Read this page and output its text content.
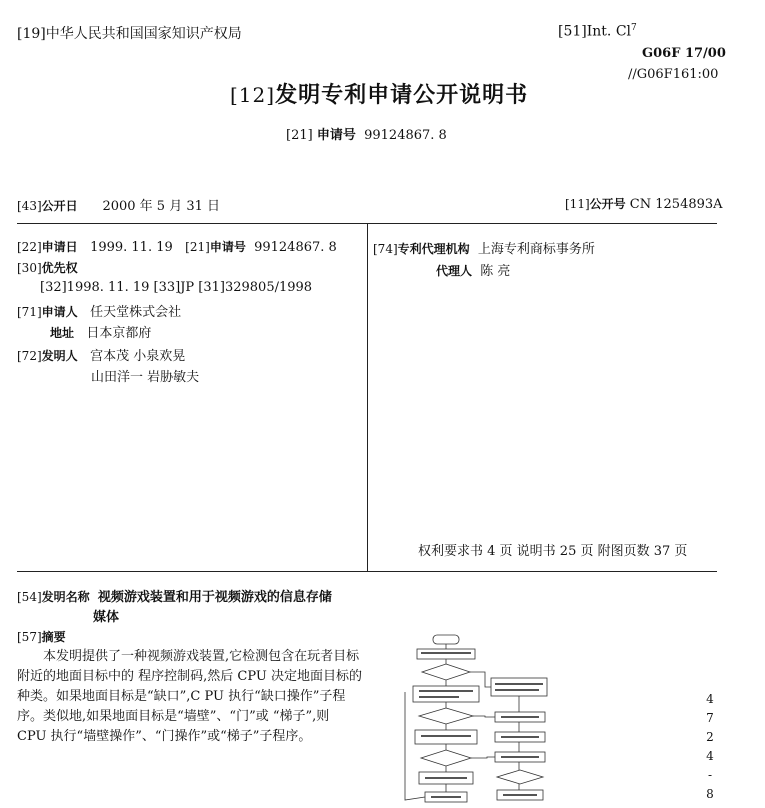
[19]中华人民共和国国家知识产权局	[51]Int. Cl$^7$
G06F 17/00
//G06F161:00
[12]发明专利申请公开说明书
[21] 申请号 99124867. 8
[43]公开日 2000 年 5 月 31 日	[11]公开号 CN 1254893A
[22]申请日 1999. 11. 19 [21]申请号 99124867. 8
[30]优先权
[32]1998. 11. 19 [33]JP [31]329805/1998
[71]申请人 任天堂株式会社
地址 日本京都府
[72]发明人 宫本茂 小泉欢晃
山田洋一 岩胁敏夫
[74]专利代理机构 上海专利商标事务所
代理人 陈 亮
权利要求书 4 页 说明书 25 页 附图页数 37 页
[54]发明名称 视频游戏装置和用于视频游戏的信息存储
媒体
[57]摘要
本发明提供了一种视频游戏装置,它检测包含在玩者目标附近的地面目标中的 程序控制码,然后 CPU 决定地面目标的种类。如果地面目标是“缺口”,C PU 执行“缺口操作”子程序。类似地,如果地面目标是“墙壁”、“门”或 “梯子”,则 CPU 执行“墙壁操作”、“门操作”或“梯子”子程序。
4
7
2
4
-
8
